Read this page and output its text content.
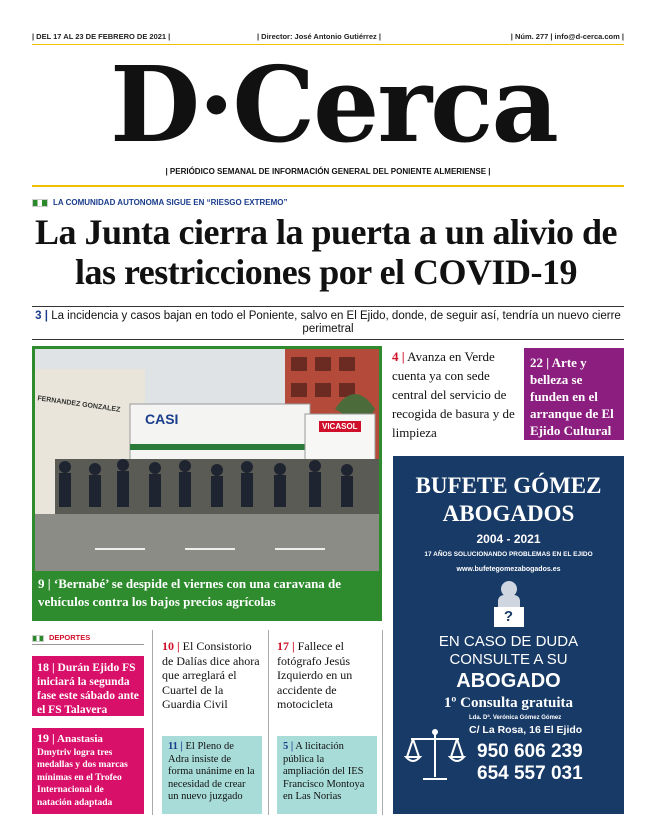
| DEL 17 AL 23 DE FEBRERO DE 2021 |	| Director: José Antonio Gutiérrez |	| Núm. 277 | info@d-cerca.com |
D·Cerca
| PERIÓDICO SEMANAL DE INFORMACIÓN GENERAL DEL PONIENTE ALMERIENSE |
LA COMUNIDAD AUTONOMA SIGUE EN “RIESGO EXTREMO”
La Junta cierra la puerta a un alivio de las restricciones por el COVID-19
3 | La incidencia y casos bajan en todo el Poniente, salvo en El Ejido, donde, de seguir así, tendría un nuevo cierre perimetral
CASI	VICASOL
FERNANDEZ GONZALEZ
9 | ‘Bernabé’ se despide el viernes con una caravana de vehículos contra los bajos precios agrícolas
4 | Avanza en Verde cuenta ya con sede central del servicio de recogida de basura y de limpieza
22 | Arte y belleza se funden en el arranque de El Ejido Cultural
BUFETE GÓMEZ
ABOGADOS
2004 - 2021
17 AÑOS SOLUCIONANDO PROBLEMAS EN EL EJIDO
www.bufetegomezabogados.es
?
EN CASO DE DUDA
CONSULTE A SU
ABOGADO
1º Consulta gratuita
Lda. Dª. Verónica Gómez Gómez
C/ La Rosa, 16 El Ejido
950 606 239
654 557 031
DEPORTES
18 | Durán Ejido FS iniciará la segunda fase este sábado ante el FS Talavera
19 | Anastasia Dmytriv logra tres medallas y dos marcas mínimas en el Trofeo Internacional de natación adaptada
10 | El Consistorio de Dalías dice ahora que arreglará el Cuartel de la Guardia Civil
17 | Fallece el fotógrafo Jesús Izquierdo en un accidente de motocicleta
11 | El Pleno de Adra insiste de forma unánime en la necesidad de crear un nuevo juzgado
5 | A licitación pública la ampliación del IES Francisco Montoya en Las Norias
